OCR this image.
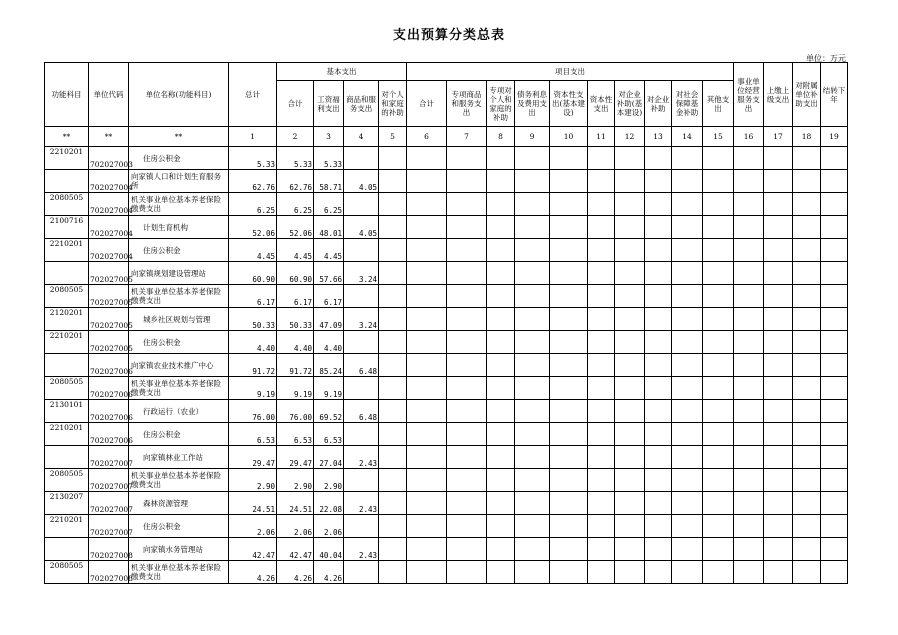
支出预算分类总表
单位：万元
功能科目	单位代码	单位名称(功能科目)	总计	基本支出				项目支出										事业单位经营服务支出	上缴上级支出	对附属单位补助支出	结转下年
				合计	工资福利支出	商品和服务支出	对个人和家庭的补助	合计	专项商品和服务支出	专项对个人和家庭的补助	债务利息及费用支出	资本性支出(基本建设)	资本性支出	对企业补助(基本建设)	对企业补助	对社会保障基金补助	其他支出				
**	**	**	1	2	3	4	5	6	7	8	9	10	11	12	13	14	15	16	17	18	19
2210201	702027003	住房公积金	5.33	5.33	5.33																
	702027004	向家镇人口和计划生育服务所	62.76	62.76	58.71	4.05															
2080505	702027004	机关事业单位基本养老保险缴费支出	6.25	6.25	6.25																
2100716	702027004	计划生育机构	52.06	52.06	48.01	4.05															
2210201	702027004	住房公积金	4.45	4.45	4.45																
	702027005	向家镇规划建设管理站	60.90	60.90	57.66	3.24															
2080505	702027005	机关事业单位基本养老保险缴费支出	6.17	6.17	6.17																
2120201	702027005	城乡社区规划与管理	50.33	50.33	47.09	3.24															
2210201	702027005	住房公积金	4.40	4.40	4.40																
	702027006	向家镇农业技术推广中心	91.72	91.72	85.24	6.48															
2080505	702027006	机关事业单位基本养老保险缴费支出	9.19	9.19	9.19																
2130101	702027006	行政运行（农业）	76.00	76.00	69.52	6.48															
2210201	702027006	住房公积金	6.53	6.53	6.53																
	702027007	向家镇林业工作站	29.47	29.47	27.04	2.43															
2080505	702027007	机关事业单位基本养老保险缴费支出	2.90	2.90	2.90																
2130207	702027007	森林资源管理	24.51	24.51	22.08	2.43															
2210201	702027007	住房公积金	2.06	2.06	2.06																
	702027008	向家镇水务管理站	42.47	42.47	40.04	2.43															
2080505	702027008	机关事业单位基本养老保险缴费支出	4.26	4.26	4.26																
